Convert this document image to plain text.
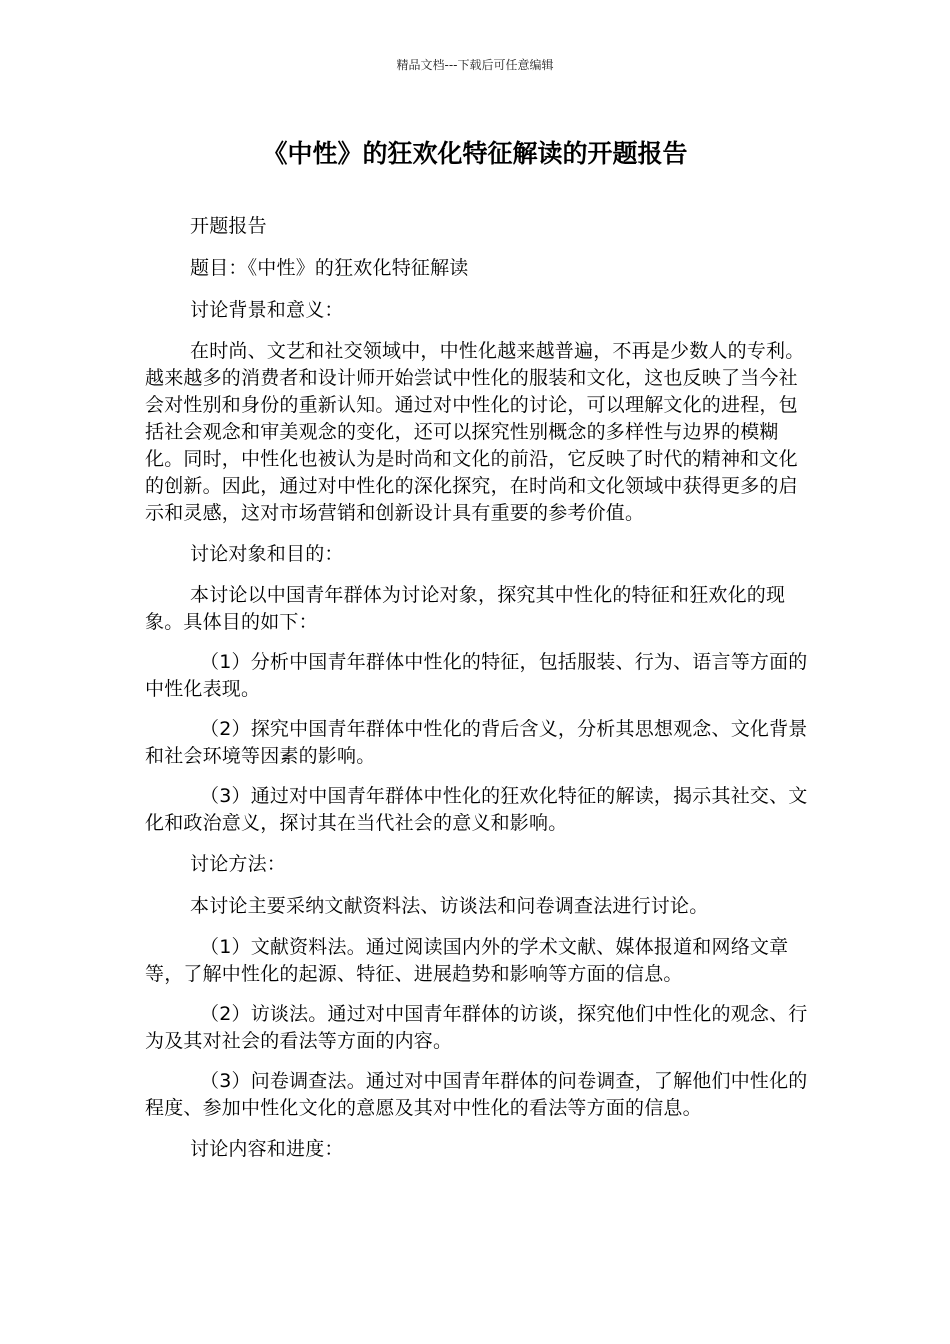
精品文档---下载后可任意编辑
《中性》的狂欢化特征解读的开题报告

开题报告

题目：《中性》的狂欢化特征解读

讨论背景和意义：

在时尚、文艺和社交领域中，中性化越来越普遍，不再是少数人的专利。越来越多的消费者和设计师开始尝试中性化的服装和文化，这也反映了当今社会对性别和身份的重新认知。通过对中性化的讨论，可以理解文化的进程，包括社会观念和审美观念的变化，还可以探究性别概念的多样性与边界的模糊化。同时，中性化也被认为是时尚和文化的前沿，它反映了时代的精神和文化的创新。因此，通过对中性化的深化探究，在时尚和文化领域中获得更多的启示和灵感，这对市场营销和创新设计具有重要的参考价值。

讨论对象和目的：

本讨论以中国青年群体为讨论对象，探究其中性化的特征和狂欢化的现象。具体目的如下：

（1）分析中国青年群体中性化的特征，包括服装、行为、语言等方面的中性化表现。

（2）探究中国青年群体中性化的背后含义，分析其思想观念、文化背景和社会环境等因素的影响。

（3）通过对中国青年群体中性化的狂欢化特征的解读，揭示其社交、文化和政治意义，探讨其在当代社会的意义和影响。

讨论方法：

本讨论主要采纳文献资料法、访谈法和问卷调查法进行讨论。

（1）文献资料法。通过阅读国内外的学术文献、媒体报道和网络文章等，了解中性化的起源、特征、进展趋势和影响等方面的信息。

（2）访谈法。通过对中国青年群体的访谈，探究他们中性化的观念、行为及其对社会的看法等方面的内容。

（3）问卷调查法。通过对中国青年群体的问卷调查，了解他们中性化的程度、参加中性化文化的意愿及其对中性化的看法等方面的信息。

讨论内容和进度：
